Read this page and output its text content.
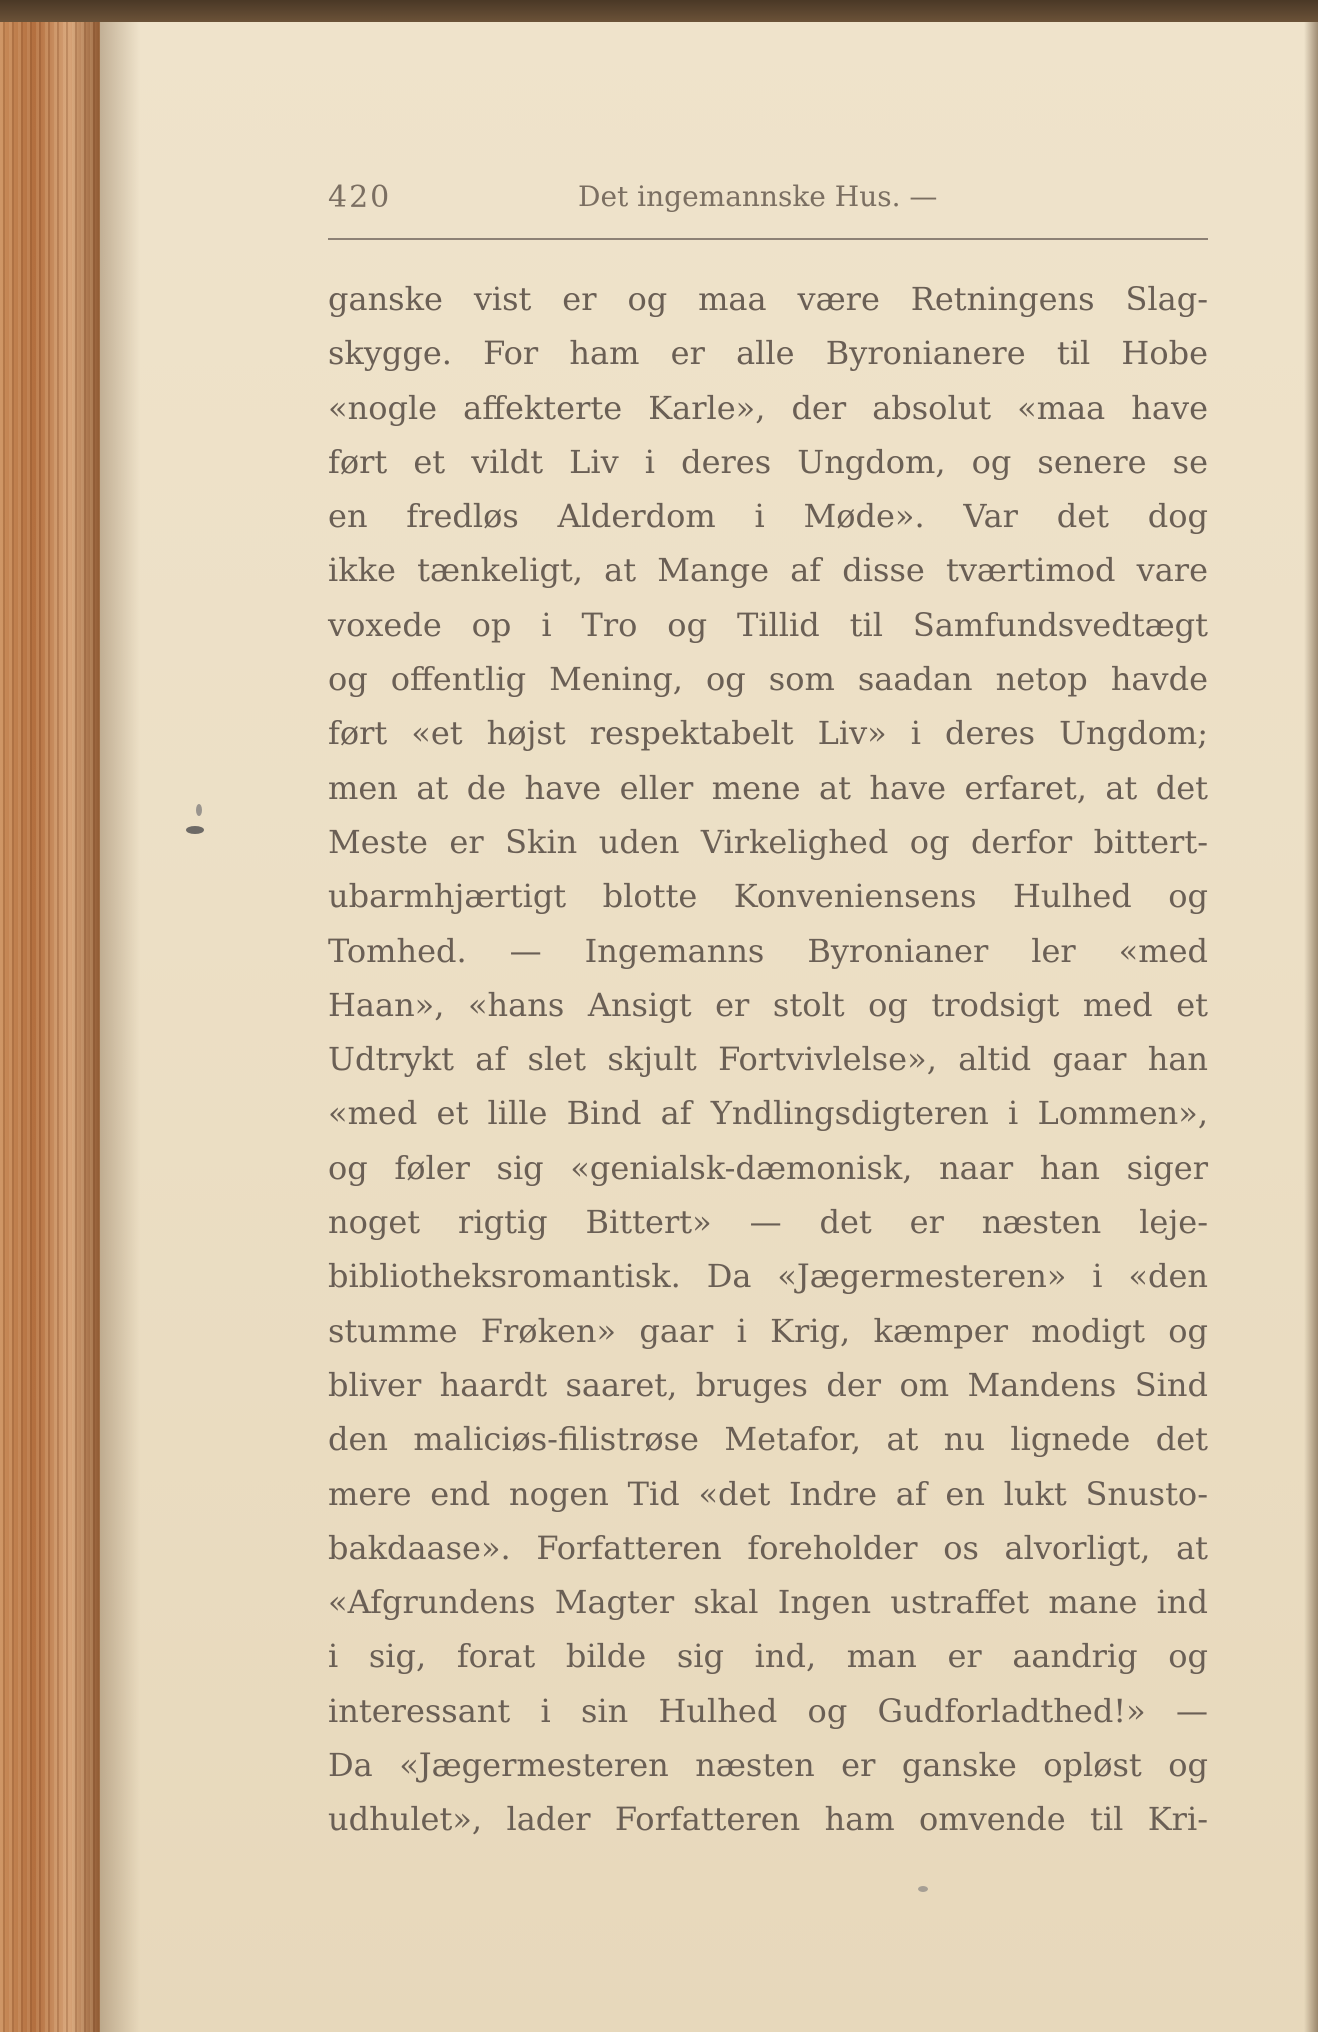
420	Det ingemannske Hus. —
ganske vist er og maa være Retningens Slag-
skygge. For ham er alle Byronianere til Hobe
«nogle affekterte Karle», der absolut «maa have
ført et vildt Liv i deres Ungdom, og senere se
en fredløs Alderdom i Møde». Var det dog
ikke tænkeligt, at Mange af disse tværtimod vare
voxede op i Tro og Tillid til Samfundsvedtægt
og offentlig Mening, og som saadan netop havde
ført «et højst respektabelt Liv» i deres Ungdom;
men at de have eller mene at have erfaret, at det
Meste er Skin uden Virkelighed og derfor bittert-
ubarmhjærtigt blotte Konveniensens Hulhed og
Tomhed. — Ingemanns Byronianer ler «med
Haan», «hans Ansigt er stolt og trodsigt med et
Udtrykt af slet skjult Fortvivlelse», altid gaar han
«med et lille Bind af Yndlingsdigteren i Lommen»,
og føler sig «genialsk-dæmonisk, naar han siger
noget rigtig Bittert» — det er næsten leje-
bibliotheksromantisk. Da «Jægermesteren» i «den
stumme Frøken» gaar i Krig, kæmper modigt og
bliver haardt saaret, bruges der om Mandens Sind
den maliciøs-filistrøse Metafor, at nu lignede det
mere end nogen Tid «det Indre af en lukt Snusto-
bakdaase». Forfatteren foreholder os alvorligt, at
«Afgrundens Magter skal Ingen ustraffet mane ind
i sig, forat bilde sig ind, man er aandrig og
interessant i sin Hulhed og Gudforladthed!» —
Da «Jægermesteren næsten er ganske opløst og
udhulet», lader Forfatteren ham omvende til Kri-
